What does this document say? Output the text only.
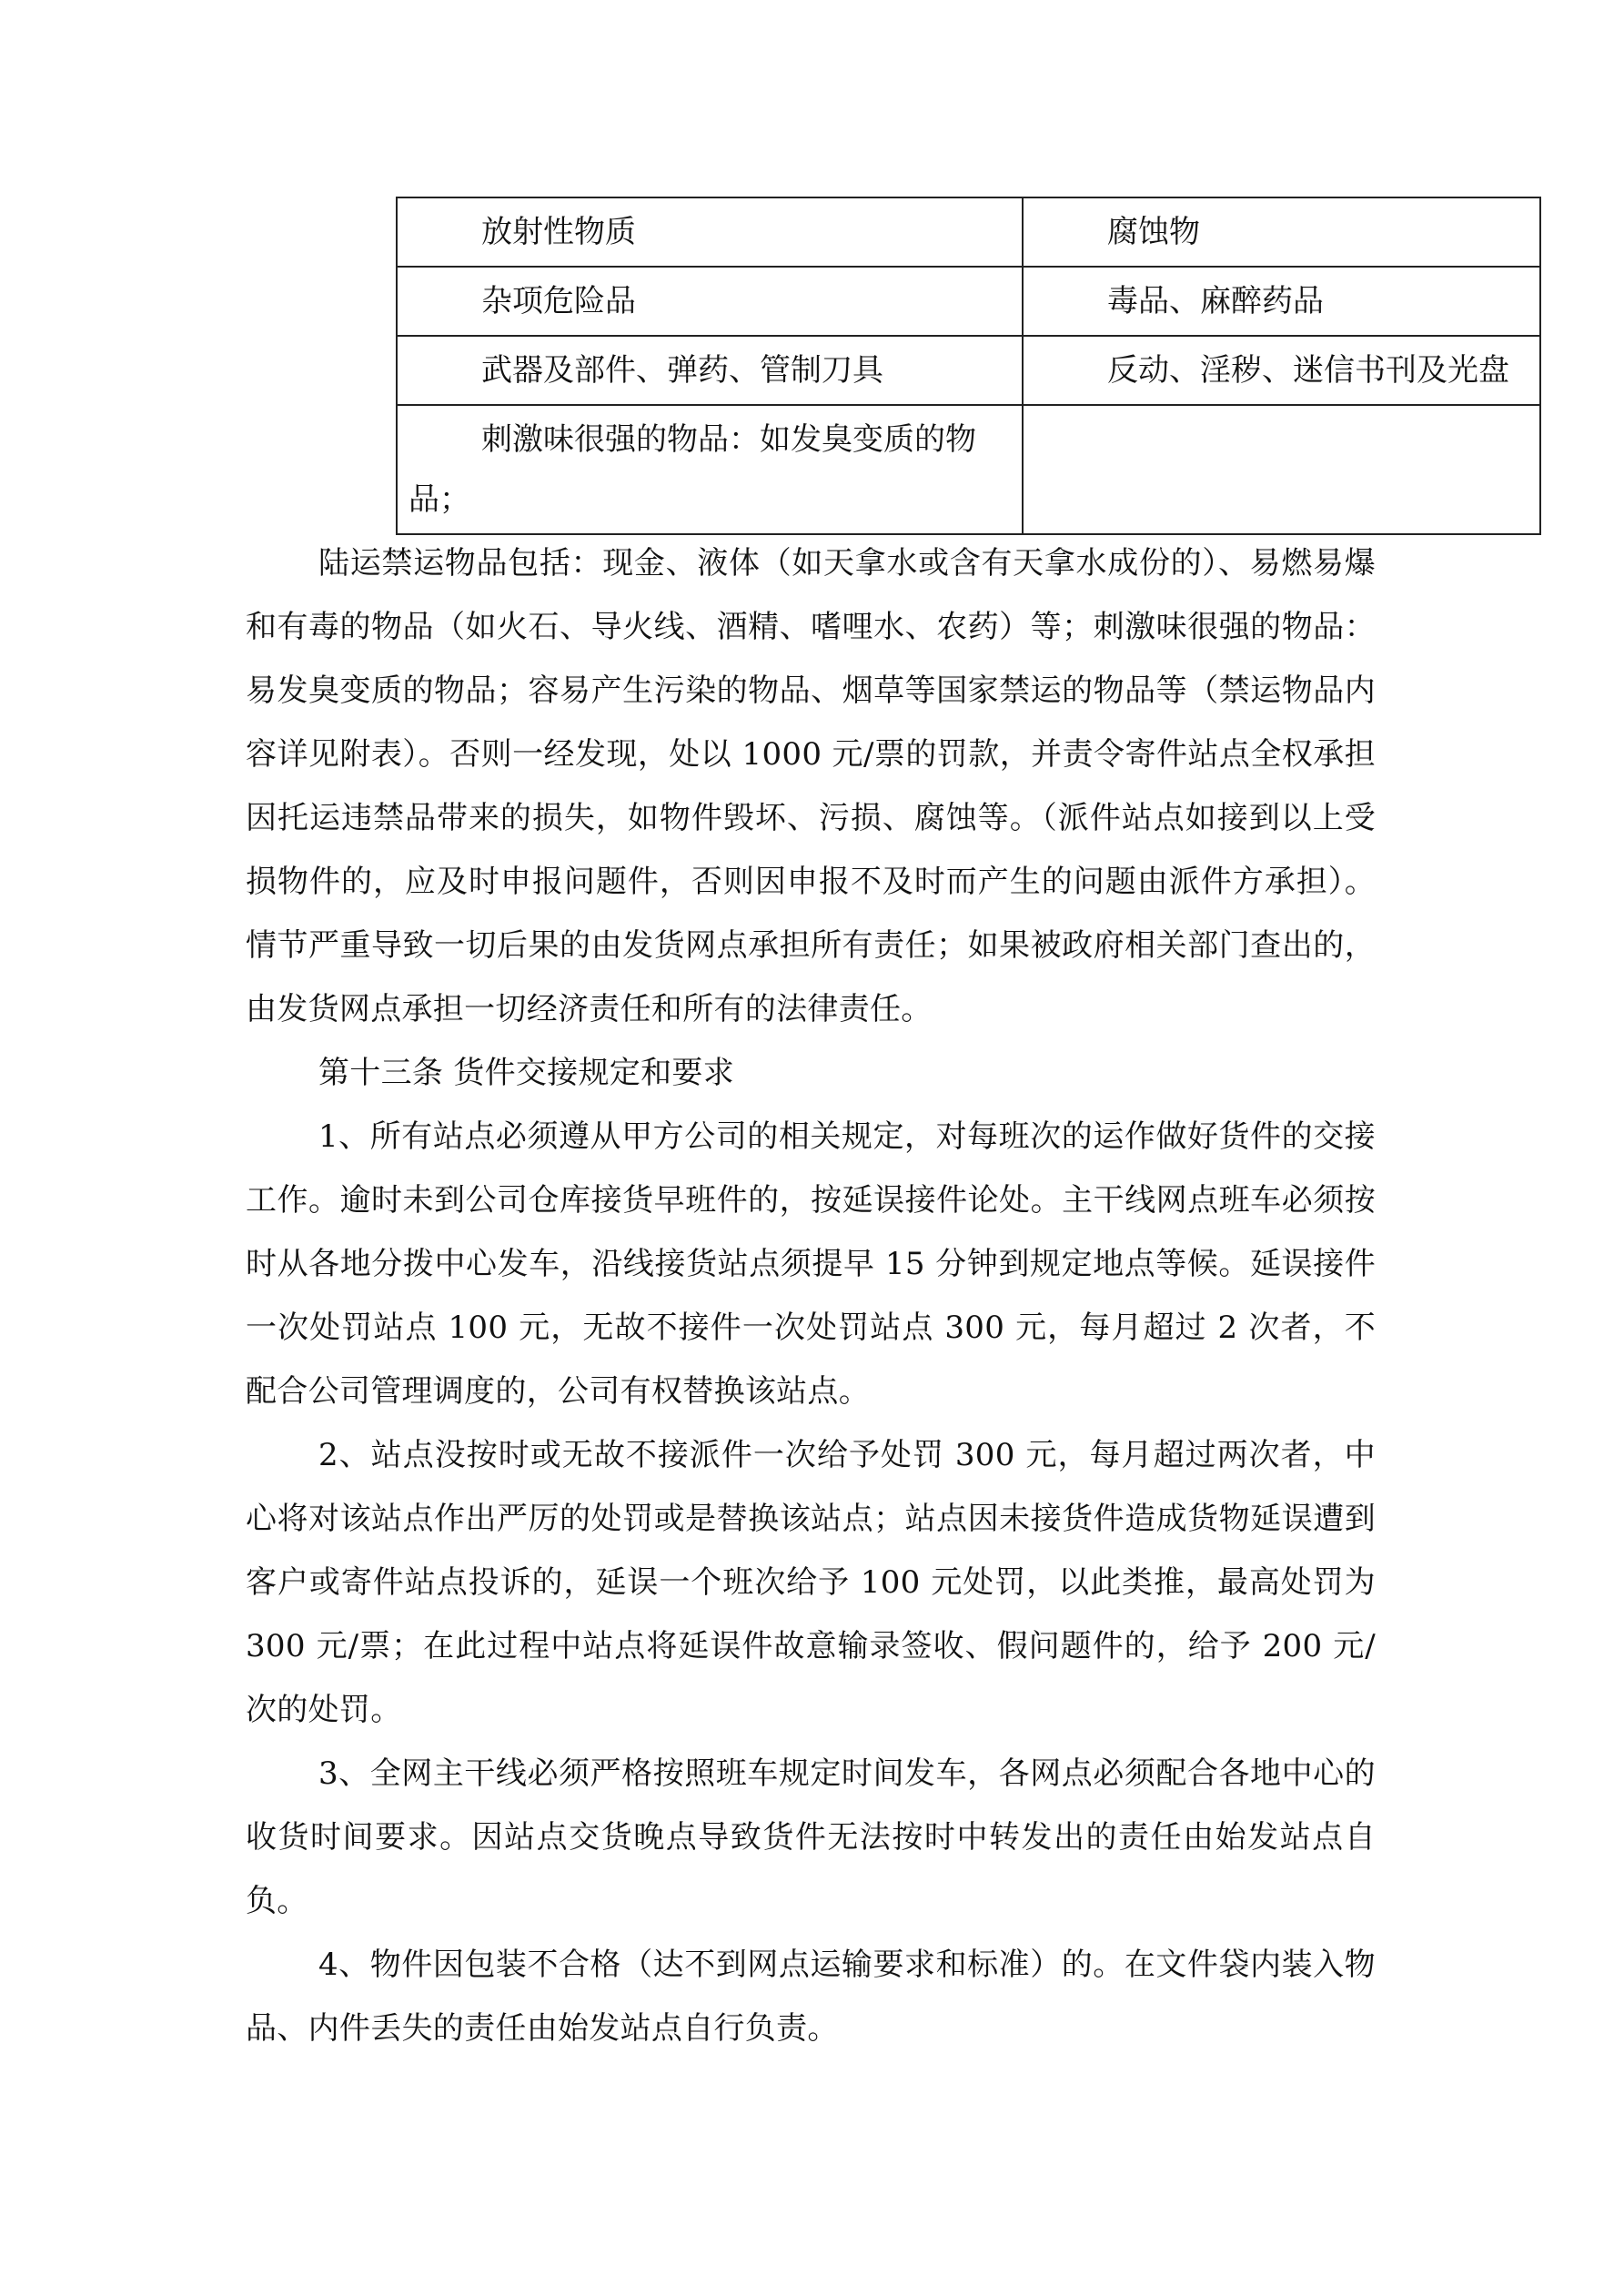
放射性物质	腐蚀物
杂项危险品	毒品、麻醉药品
武器及部件、弹药、管制刀具	反动、淫秽、迷信书刊及光盘
刺激味很强的物品：如发臭变质的物品；	

陆运禁运物品包括：现金、液体（如天拿水或含有天拿水成份的）、易燃易爆和有毒的物品（如火石、导火线、酒精、嗜哩水、农药）等；刺激味很强的物品：易发臭变质的物品；容易产生污染的物品、烟草等国家禁运的物品等（禁运物品内容详见附表）。否则一经发现，处以 1000 元/票的罚款，并责令寄件站点全权承担因托运违禁品带来的损失，如物件毁坏、污损、腐蚀等。（派件站点如接到以上受损物件的，应及时申报问题件，否则因申报不及时而产生的问题由派件方承担）。情节严重导致一切后果的由发货网点承担所有责任；如果被政府相关部门查出的，由发货网点承担一切经济责任和所有的法律责任。

第十三条 货件交接规定和要求

1、所有站点必须遵从甲方公司的相关规定，对每班次的运作做好货件的交接工作。逾时未到公司仓库接货早班件的，按延误接件论处。主干线网点班车必须按时从各地分拨中心发车，沿线接货站点须提早 15 分钟到规定地点等候。延误接件一次处罚站点 100 元，无故不接件一次处罚站点 300 元，每月超过 2 次者，不配合公司管理调度的，公司有权替换该站点。

2、站点没按时或无故不接派件一次给予处罚 300 元，每月超过两次者，中心将对该站点作出严厉的处罚或是替换该站点；站点因未接货件造成货物延误遭到客户或寄件站点投诉的，延误一个班次给予 100 元处罚，以此类推，最高处罚为 300 元/票；在此过程中站点将延误件故意输录签收、假问题件的，给予 200 元/次的处罚。

3、全网主干线必须严格按照班车规定时间发车，各网点必须配合各地中心的收货时间要求。因站点交货晚点导致货件无法按时中转发出的责任由始发站点自负。

4、物件因包装不合格（达不到网点运输要求和标准）的。在文件袋内装入物品、内件丢失的责任由始发站点自行负责。
